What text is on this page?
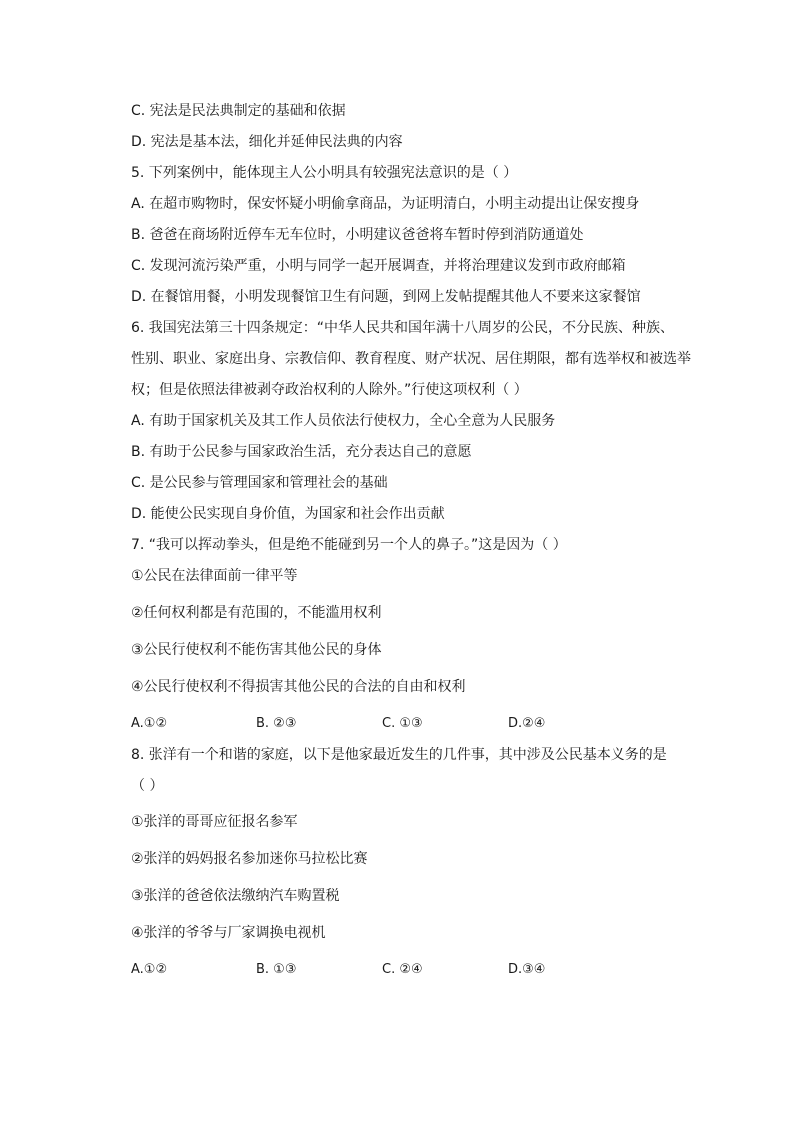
C. 宪法是民法典制定的基础和依据
D. 宪法是基本法，细化并延伸民法典的内容
5. 下列案例中，能体现主人公小明具有较强宪法意识的是（ ）
A. 在超市购物时，保安怀疑小明偷拿商品，为证明清白，小明主动提出让保安搜身
B. 爸爸在商场附近停车无车位时，小明建议爸爸将车暂时停到消防通道处
C. 发现河流污染严重，小明与同学一起开展调查，并将治理建议发到市政府邮箱
D. 在餐馆用餐，小明发现餐馆卫生有问题，到网上发帖提醒其他人不要来这家餐馆
6. 我国宪法第三十四条规定：“中华人民共和国年满十八周岁的公民，不分民族、种族、
性别、职业、家庭出身、宗教信仰、教育程度、财产状况、居住期限，都有选举权和被选举
权；但是依照法律被剥夺政治权利的人除外。”行使这项权利（ ）
A. 有助于国家机关及其工作人员依法行使权力，全心全意为人民服务
B. 有助于公民参与国家政治生活，充分表达自己的意愿
C. 是公民参与管理国家和管理社会的基础
D. 能使公民实现自身价值，为国家和社会作出贡献
7. “我可以挥动拳头，但是绝不能碰到另一个人的鼻子。”这是因为（ ）
①公民在法律面前一律平等
②任何权利都是有范围的，不能滥用权利
③公民行使权利不能伤害其他公民的身体
④公民行使权利不得损害其他公民的合法的自由和权利
A.①②	B. ②③	C. ①③	D.②④
8. 张洋有一个和谐的家庭，以下是他家最近发生的几件事，其中涉及公民基本义务的是
（ ）
①张洋的哥哥应征报名参军
②张洋的妈妈报名参加迷你马拉松比赛
③张洋的爸爸依法缴纳汽车购置税
④张洋的爷爷与厂家调换电视机
A.①②	B. ①③	C. ②④	D.③④
